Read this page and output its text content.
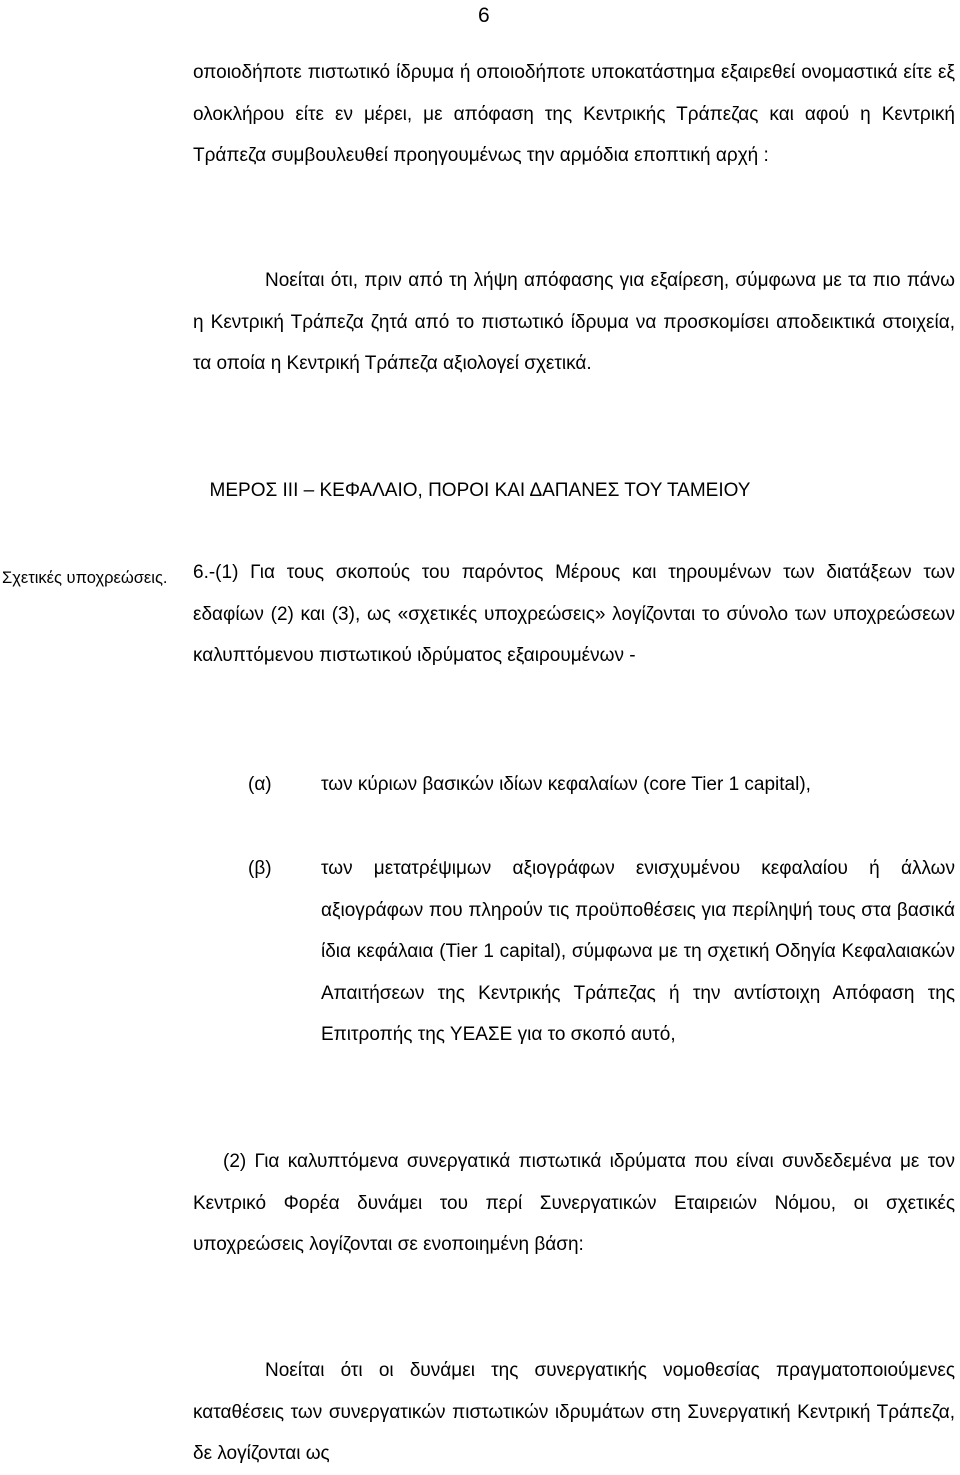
6

οποιοδήποτε πιστωτικό ίδρυμα ή οποιοδήποτε υποκατάστημα εξαιρεθεί ονομαστικά είτε εξ ολοκλήρου είτε εν μέρει, με απόφαση της Κεντρικής Τράπεζας και αφού η Κεντρική Τράπεζα συμβουλευθεί προηγουμένως την αρμόδια εποπτική αρχή :

Νοείται ότι, πριν από τη λήψη απόφασης για εξαίρεση, σύμφωνα με τα πιο πάνω η Κεντρική Τράπεζα ζητά από το πιστωτικό ίδρυμα να προσκομίσει αποδεικτικά στοιχεία, τα οποία η Κεντρική Τράπεζα αξιολογεί σχετικά.

ΜΕΡΟΣ ΙΙΙ – ΚΕΦΑΛΑΙΟ, ΠΟΡΟΙ ΚΑΙ ΔΑΠΑΝΕΣ ΤΟΥ ΤΑΜΕΙΟΥ

Σχετικές υποχρεώσεις. 6.-(1) Για τους σκοπούς του παρόντος Μέρους και τηρουμένων των διατάξεων των εδαφίων (2) και (3), ως «σχετικές υποχρεώσεις» λογίζονται το σύνολο των υποχρεώσεων καλυπτόμενου πιστωτικού ιδρύματος εξαιρουμένων -

(α)	των κύριων βασικών ιδίων κεφαλαίων (core Tier 1 capital),

(β)	των μετατρέψιμων αξιογράφων ενισχυμένου κεφαλαίου ή άλλων αξιογράφων που πληρούν τις προϋποθέσεις για περίληψή τους στα βασικά ίδια κεφάλαια (Tier 1 capital), σύμφωνα με τη σχετική Οδηγία Κεφαλαιακών Απαιτήσεων της Κεντρικής Τράπεζας ή την αντίστοιχη Απόφαση της Επιτροπής της ΥΕΑΣΕ για το σκοπό αυτό,

(2) Για καλυπτόμενα συνεργατικά πιστωτικά ιδρύματα που είναι συνδεδεμένα με τον Κεντρικό Φορέα δυνάμει του περί Συνεργατικών Εταιρειών Νόμου, οι σχετικές υποχρεώσεις λογίζονται σε ενοποιημένη βάση:

Νοείται ότι οι δυνάμει της συνεργατικής νομοθεσίας πραγματοποιούμενες καταθέσεις των συνεργατικών πιστωτικών ιδρυμάτων στη Συνεργατική Κεντρική Τράπεζα, δε λογίζονται ως
